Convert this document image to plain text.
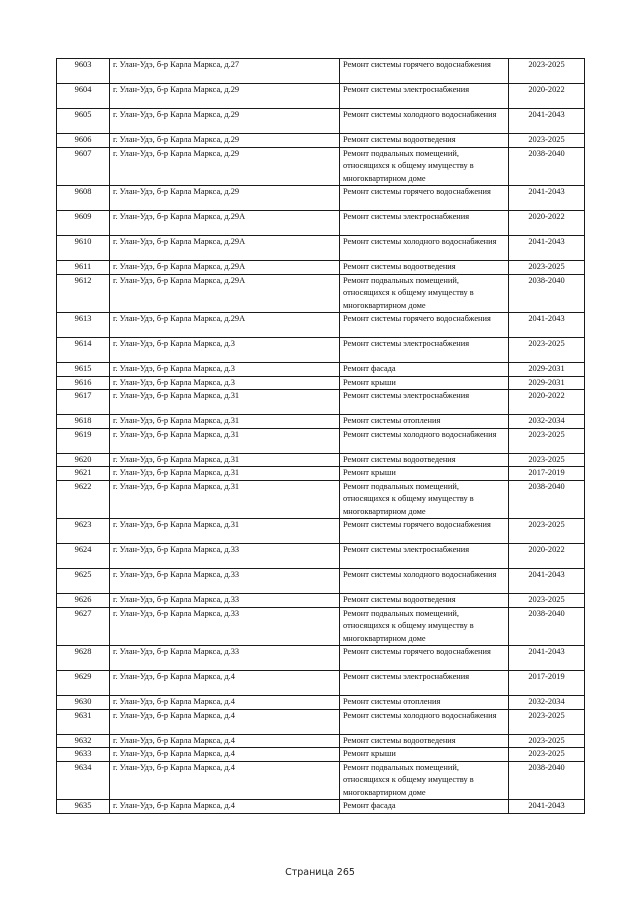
9603	г. Улан-Удэ, б-р Карла Маркса, д.27	Ремонт системы горячего водоснабжения	2023-2025
9604	г. Улан-Удэ, б-р Карла Маркса, д.29	Ремонт системы электроснабжения	2020-2022
9605	г. Улан-Удэ, б-р Карла Маркса, д.29	Ремонт системы холодного водоснабжения	2041-2043
9606	г. Улан-Удэ, б-р Карла Маркса, д.29	Ремонт системы водоотведения	2023-2025
9607	г. Улан-Удэ, б-р Карла Маркса, д.29	Ремонт подвальных помещений, относящихся к общему имуществу в многоквартирном доме	2038-2040
9608	г. Улан-Удэ, б-р Карла Маркса, д.29	Ремонт системы горячего водоснабжения	2041-2043
9609	г. Улан-Удэ, б-р Карла Маркса, д.29А	Ремонт системы электроснабжения	2020-2022
9610	г. Улан-Удэ, б-р Карла Маркса, д.29А	Ремонт системы холодного водоснабжения	2041-2043
9611	г. Улан-Удэ, б-р Карла Маркса, д.29А	Ремонт системы водоотведения	2023-2025
9612	г. Улан-Удэ, б-р Карла Маркса, д.29А	Ремонт подвальных помещений, относящихся к общему имуществу в многоквартирном доме	2038-2040
9613	г. Улан-Удэ, б-р Карла Маркса, д.29А	Ремонт системы горячего водоснабжения	2041-2043
9614	г. Улан-Удэ, б-р Карла Маркса, д.3	Ремонт системы электроснабжения	2023-2025
9615	г. Улан-Удэ, б-р Карла Маркса, д.3	Ремонт фасада	2029-2031
9616	г. Улан-Удэ, б-р Карла Маркса, д.3	Ремонт крыши	2029-2031
9617	г. Улан-Удэ, б-р Карла Маркса, д.31	Ремонт системы электроснабжения	2020-2022
9618	г. Улан-Удэ, б-р Карла Маркса, д.31	Ремонт системы отопления	2032-2034
9619	г. Улан-Удэ, б-р Карла Маркса, д.31	Ремонт системы холодного водоснабжения	2023-2025
9620	г. Улан-Удэ, б-р Карла Маркса, д.31	Ремонт системы водоотведения	2023-2025
9621	г. Улан-Удэ, б-р Карла Маркса, д.31	Ремонт крыши	2017-2019
9622	г. Улан-Удэ, б-р Карла Маркса, д.31	Ремонт подвальных помещений, относящихся к общему имуществу в многоквартирном доме	2038-2040
9623	г. Улан-Удэ, б-р Карла Маркса, д.31	Ремонт системы горячего водоснабжения	2023-2025
9624	г. Улан-Удэ, б-р Карла Маркса, д.33	Ремонт системы электроснабжения	2020-2022
9625	г. Улан-Удэ, б-р Карла Маркса, д.33	Ремонт системы холодного водоснабжения	2041-2043
9626	г. Улан-Удэ, б-р Карла Маркса, д.33	Ремонт системы водоотведения	2023-2025
9627	г. Улан-Удэ, б-р Карла Маркса, д.33	Ремонт подвальных помещений, относящихся к общему имуществу в многоквартирном доме	2038-2040
9628	г. Улан-Удэ, б-р Карла Маркса, д.33	Ремонт системы горячего водоснабжения	2041-2043
9629	г. Улан-Удэ, б-р Карла Маркса, д.4	Ремонт системы электроснабжения	2017-2019
9630	г. Улан-Удэ, б-р Карла Маркса, д.4	Ремонт системы отопления	2032-2034
9631	г. Улан-Удэ, б-р Карла Маркса, д.4	Ремонт системы холодного водоснабжения	2023-2025
9632	г. Улан-Удэ, б-р Карла Маркса, д.4	Ремонт системы водоотведения	2023-2025
9633	г. Улан-Удэ, б-р Карла Маркса, д.4	Ремонт крыши	2023-2025
9634	г. Улан-Удэ, б-р Карла Маркса, д.4	Ремонт подвальных помещений, относящихся к общему имуществу в многоквартирном доме	2038-2040
9635	г. Улан-Удэ, б-р Карла Маркса, д.4	Ремонт фасада	2041-2043
Страница 265
